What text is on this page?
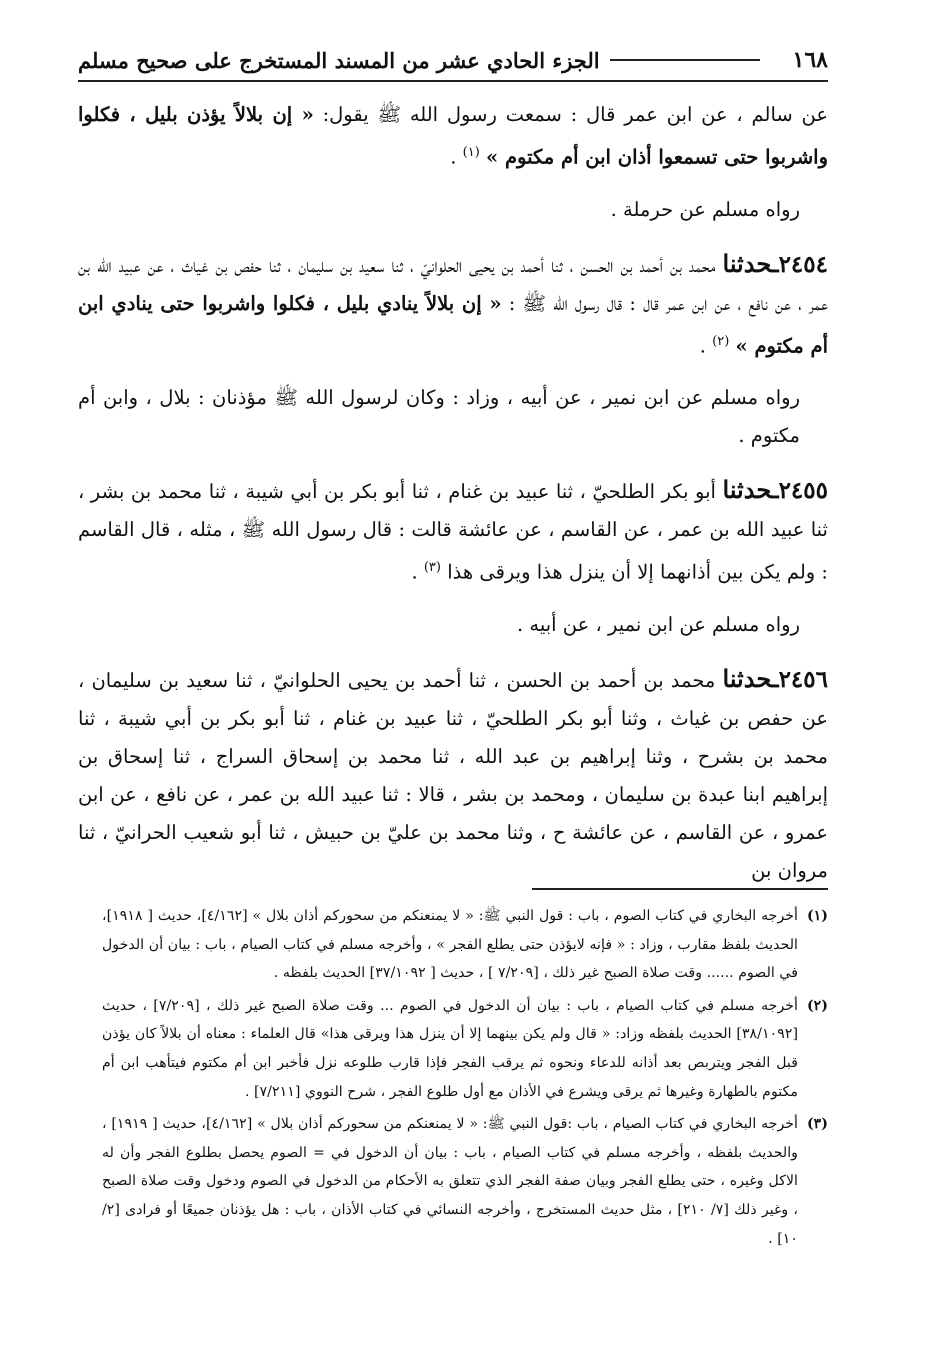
١٦٨
الجزء الحادي عشر من المسند المستخرج على صحيح مسلم

عن سالم ، عن ابن عمر قال : سمعت رسول الله ﷺ يقول: « إن بلالاً يؤذن بليل ، فكلوا واشربوا حتى تسمعوا أذان ابن أم مكتوم » $^{(١)}$ .

رواه مسلم عن حرملة .

٢٤٥٤ـحدثنا محمد بن أحمد بن الحسن ، ثنا أحمد بن يحيى الحلوانيّ ، ثنا سعيد بن سليمان ، ثنا حفص بن غياث ، عن عبيد الله بن عمر ، عن نافع ، عن ابن عمر قال : قال رسول الله ﷺ : « إن بلالاً ينادي بليل ، فكلوا واشربوا حتى ينادي ابن أم مكتوم » $^{(٢)}$ .

رواه مسلم عن ابن نمير ، عن أبيه ، وزاد : وكان لرسول الله ﷺ مؤذنان : بلال ، وابن أم مكتوم .

٢٤٥٥ـحدثنا أبو بكر الطلحيّ ، ثنا عبيد بن غنام ، ثنا أبو بكر بن أبي شيبة ، ثنا محمد بن بشر ، ثنا عبيد الله بن عمر ، عن القاسم ، عن عائشة قالت : قال رسول الله ﷺ ، مثله ، قال القاسم : ولم يكن بين أذانهما إلا أن ينزل هذا ويرقى هذا $^{(٣)}$ .

رواه مسلم عن ابن نمير ، عن أبيه .

٢٤٥٦ـحدثنا محمد بن أحمد بن الحسن ، ثنا أحمد بن يحيى الحلوانيّ ، ثنا سعيد بن سليمان ، عن حفص بن غياث ، وثنا أبو بكر الطلحيّ ، ثنا عبيد بن غنام ، ثنا أبو بكر بن أبي شيبة ، ثنا محمد بن بشرح ، وثنا إبراهيم بن عبد الله ، ثنا محمد بن إسحاق السراج ، ثنا إسحاق بن إبراهيم ابنا عبدة بن سليمان ، ومحمد بن بشر ، قالا : ثنا عبيد الله بن عمر ، عن نافع ، عن ابن عمرو ، عن القاسم ، عن عائشة ح ، وثنا محمد بن عليّ بن حبيش ، ثنا أبو شعيب الحرانيّ ، ثنا مروان بن

(١)
أخرجه البخاري في كتاب الصوم ، باب : قول النبي ﷺ: « لا يمنعنكم من سحوركم أذان بلال » [٤/١٦٢]، حديث [ ١٩١٨]، الحديث بلفظ مقارب ، وزاد : « فإنه لايؤذن حتى يطلع الفجر » ، وأخرجه مسلم في كتاب الصيام ، باب : بيان أن الدخول في الصوم ...... وقت صلاة الصبح غير ذلك ، [٧/٢٠٩ ] ، حديث [ ٣٧/١٠٩٢] الحديث بلفظه .
(٢)
أخرجه مسلم في كتاب الصيام ، باب : بيان أن الدخول في الصوم ... وقت صلاة الصبح غير ذلك ، [٧/٢٠٩] ، حديث [٣٨/١٠٩٢] الحديث بلفظه وزاد: « قال ولم يكن بينهما إلا أن ينزل هذا ويرقى هذا» قال العلماء : معناه أن بلالاً كان يؤذن قبل الفجر ويتربص بعد أذانه للدعاء ونحوه ثم يرقب الفجر فإذا قارب طلوعه نزل فأخبر ابن أم مكتوم فيتأهب ابن أم مكتوم بالطهارة وغيرها ثم يرقى ويشرع في الأذان مع أول طلوع الفجر ، شرح النووي [٧/٢١١] .
(٣)
أخرجه البخاري في كتاب الصيام ، باب :قول النبي ﷺ: « لا يمنعنكم من سحوركم أذان بلال » [٤/١٦٢]، حديث [ ١٩١٩] ، والحديث بلفظه ، وأخرجه مسلم في كتاب الصيام ، باب : بيان أن الدخول في = الصوم يحصل بطلوع الفجر وأن له الاكل وغيره ، حتى يطلع الفجر وبيان صفة الفجر الذي تتعلق به الأحكام من الدخول في الصوم ودخول وقت صلاة الصبح ، وغير ذلك [٧/ ٢١٠] ، مثل حديث المستخرج ، وأخرجه النسائي في كتاب الأذان ، باب : هل يؤذنان جميعًا أو فرادى [٢/ ١٠] .
